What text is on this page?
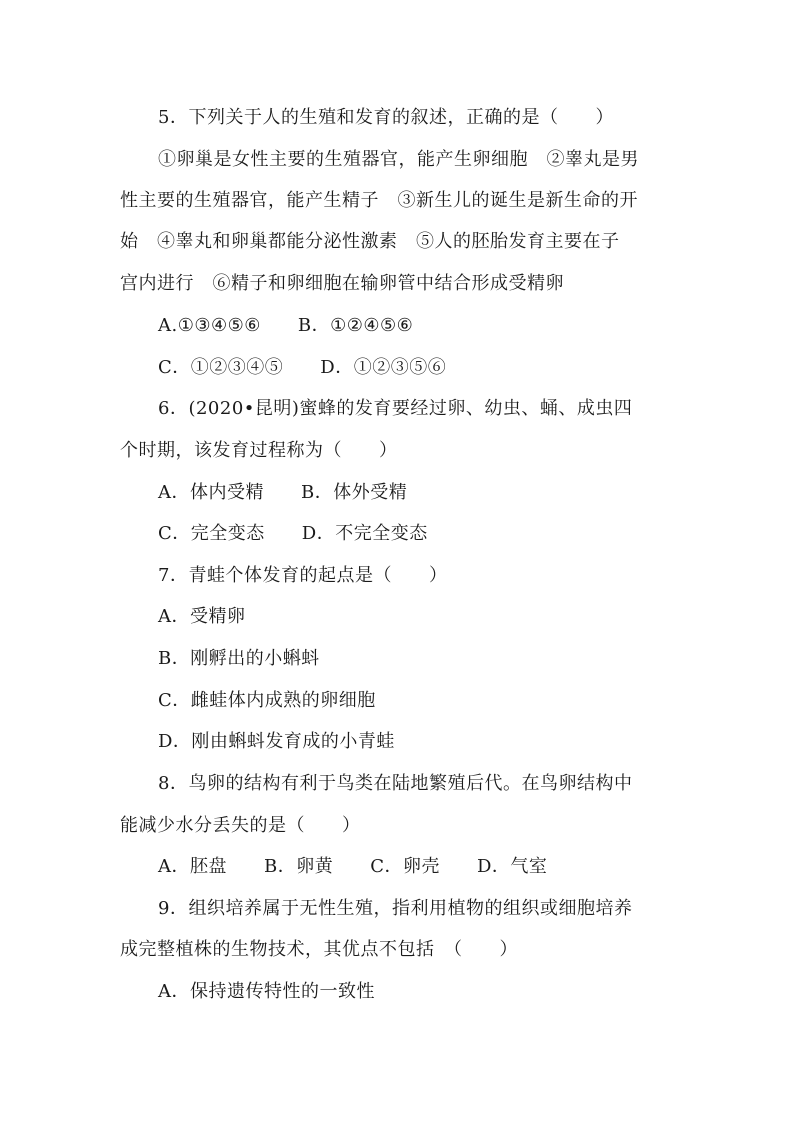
5．下列关于人的生殖和发育的叙述，正确的是（　　）
①卵巢是女性主要的生殖器官，能产生卵细胞　②睾丸是男
性主要的生殖器官，能产生精子　③新生儿的诞生是新生命的开
始　④睾丸和卵巢都能分泌性激素　⑤人的胚胎发育主要在子
宫内进行　⑥精子和卵细胞在输卵管中结合形成受精卵
A.①③④⑤⑥　　B．①②④⑤⑥
C．①②③④⑤　　D．①②③⑤⑥
6．(2020•昆明)蜜蜂的发育要经过卵、幼虫、蛹、成虫四
个时期，该发育过程称为（　　）
A．体内受精　　B．体外受精
C．完全变态　　D．不完全变态
7．青蛙个体发育的起点是（　　）
A．受精卵
B．刚孵出的小蝌蚪
C．雌蛙体内成熟的卵细胞
D．刚由蝌蚪发育成的小青蛙
8．鸟卵的结构有利于鸟类在陆地繁殖后代。在鸟卵结构中
能减少水分丢失的是（　　）
A．胚盘　　B．卵黄　　C．卵壳　　D．气室
9．组织培养属于无性生殖，指利用植物的组织或细胞培养
成完整植株的生物技术，其优点不包括　（　　）
A．保持遗传特性的一致性
